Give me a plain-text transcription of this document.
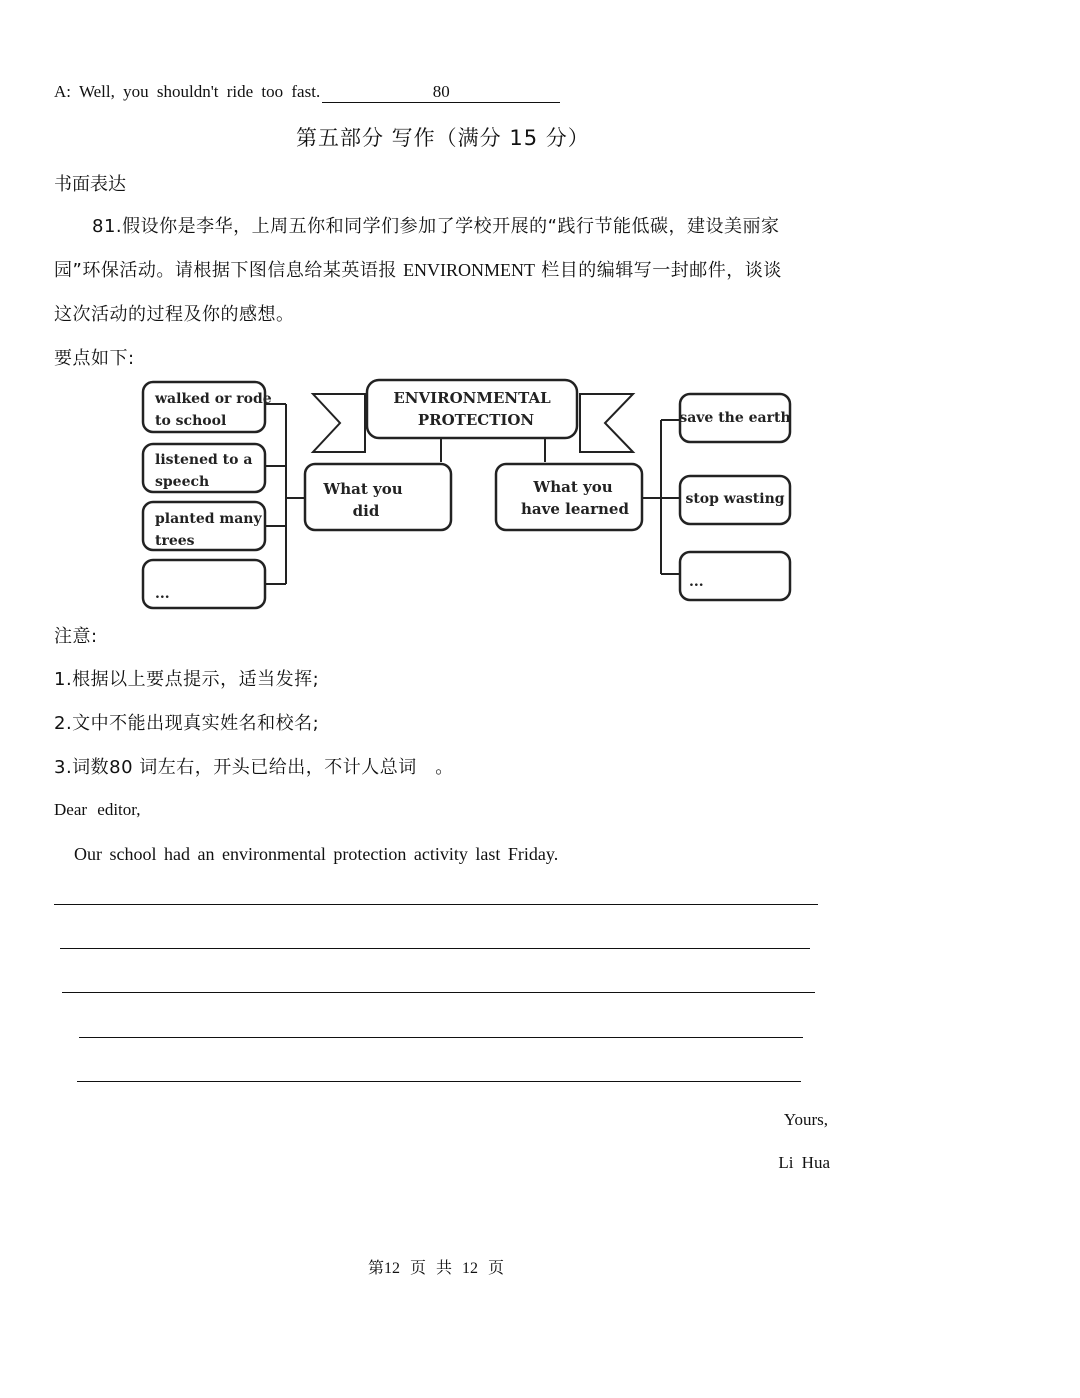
A: Well, you shouldn't ride too fast.	80
第五部分 写作（满分 15 分）
书面表达
81.假设你是李华，上周五你和同学们参加了学校开展的“践行节能低碳，建设美丽家
园”环保活动。请根据下图信息给某英语报 ENVIRONMENT 栏目的编辑写一封邮件，谈谈
这次活动的过程及你的感想。
要点如下:
ENVIRONMENTAL
PROTECTION
What you
did
What you
have learned
walked or rode
to school
listened to a
speech
planted many
trees
...
save the earth
stop wasting
...
注意:
1.根据以上要点提示，适当发挥;
2.文中不能出现真实姓名和校名;
3.词数80 词左右，开头已给出，不计人总词　。
Dear editor,
Our school had an environmental protection activity last Friday.
Yours,
Li Hua
第12 页 共 12 页
